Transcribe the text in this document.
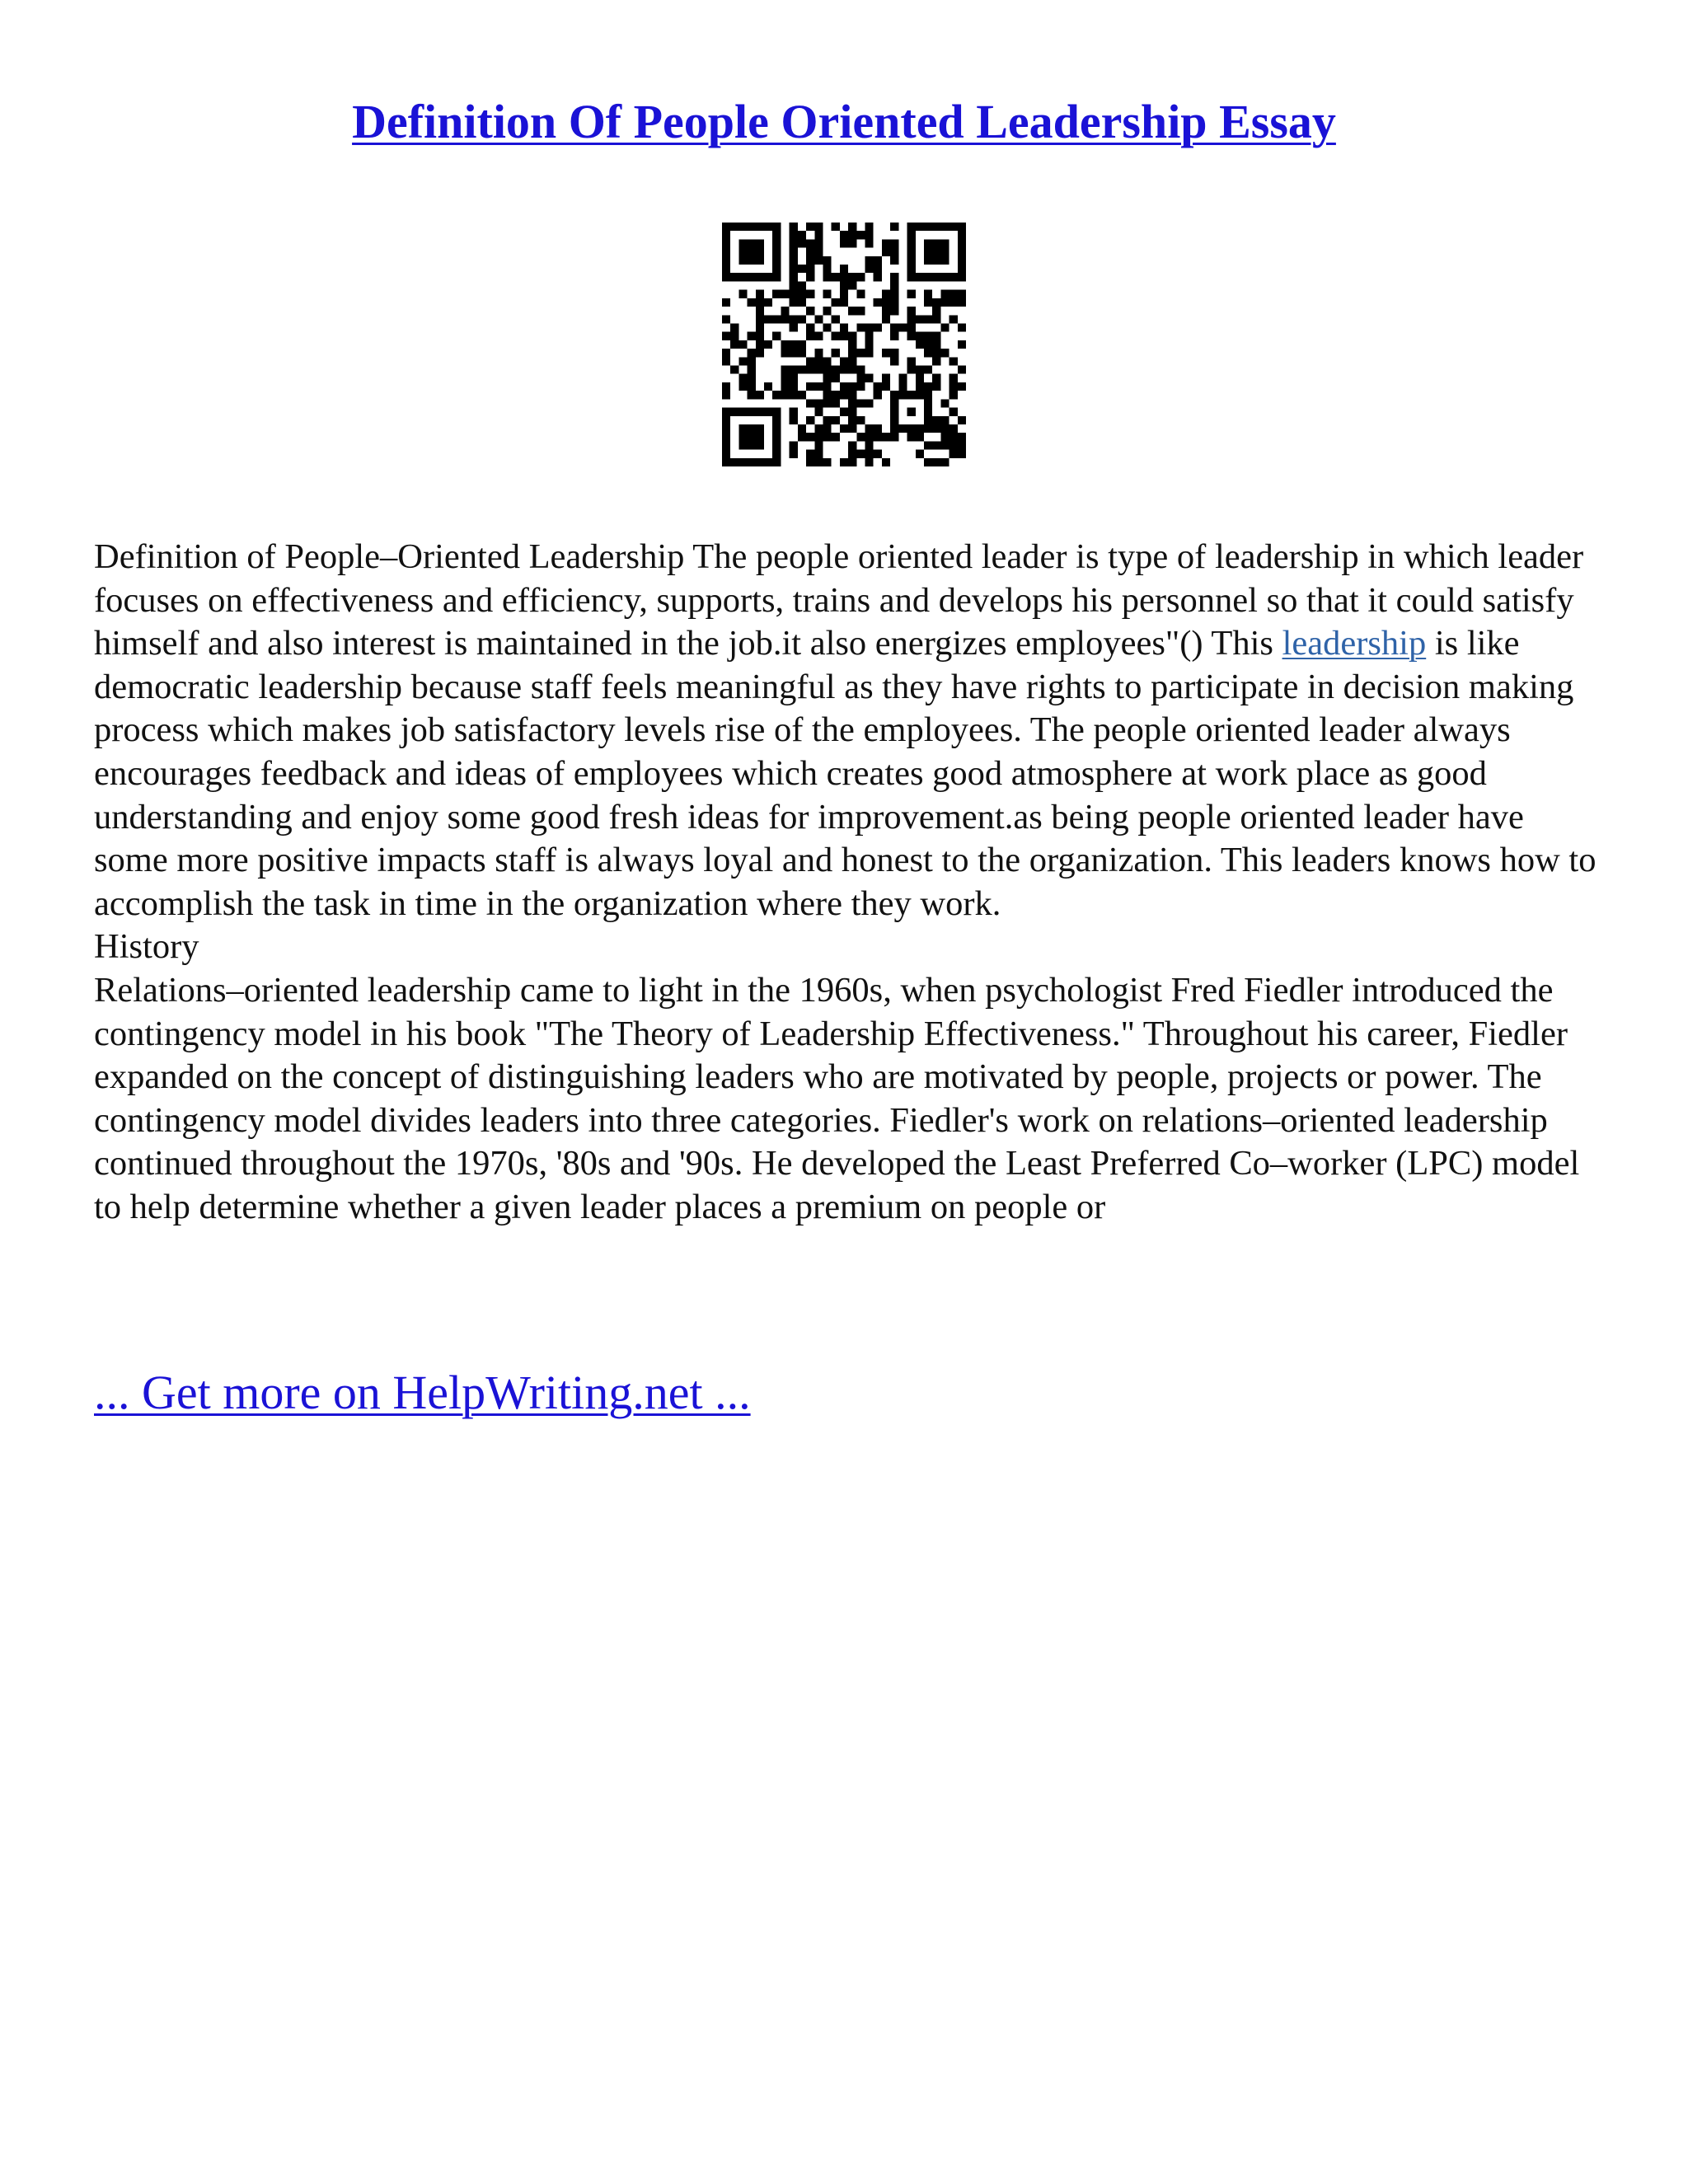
Definition Of People Oriented Leadership Essay

Definition of People–Oriented Leadership The people oriented leader is type of leadership in which leader focuses on effectiveness and efficiency, supports, trains and develops his personnel so that it could satisfy himself and also interest is maintained in the job.it also energizes employees"() This leadership is like democratic leadership because staff feels meaningful as they have rights to participate in decision making process which makes job satisfactory levels rise of the employees. The people oriented leader always encourages feedback and ideas of employees which creates good atmosphere at work place as good understanding and enjoy some good fresh ideas for improvement.as being people oriented leader have some more positive impacts staff is always loyal and honest to the organization. This leaders knows how to accomplish the task in time in the organization where they work.

History

Relations–oriented leadership came to light in the 1960s, when psychologist Fred Fiedler introduced the contingency model in his book "The Theory of Leadership Effectiveness." Throughout his career, Fiedler expanded on the concept of distinguishing leaders who are motivated by people, projects or power. The contingency model divides leaders into three categories. Fiedler's work on relations–oriented leadership continued throughout the 1970s, '80s and '90s. He developed the Least Preferred Co–worker (LPC) model to help determine whether a given leader places a premium on people or

... Get more on HelpWriting.net ...
